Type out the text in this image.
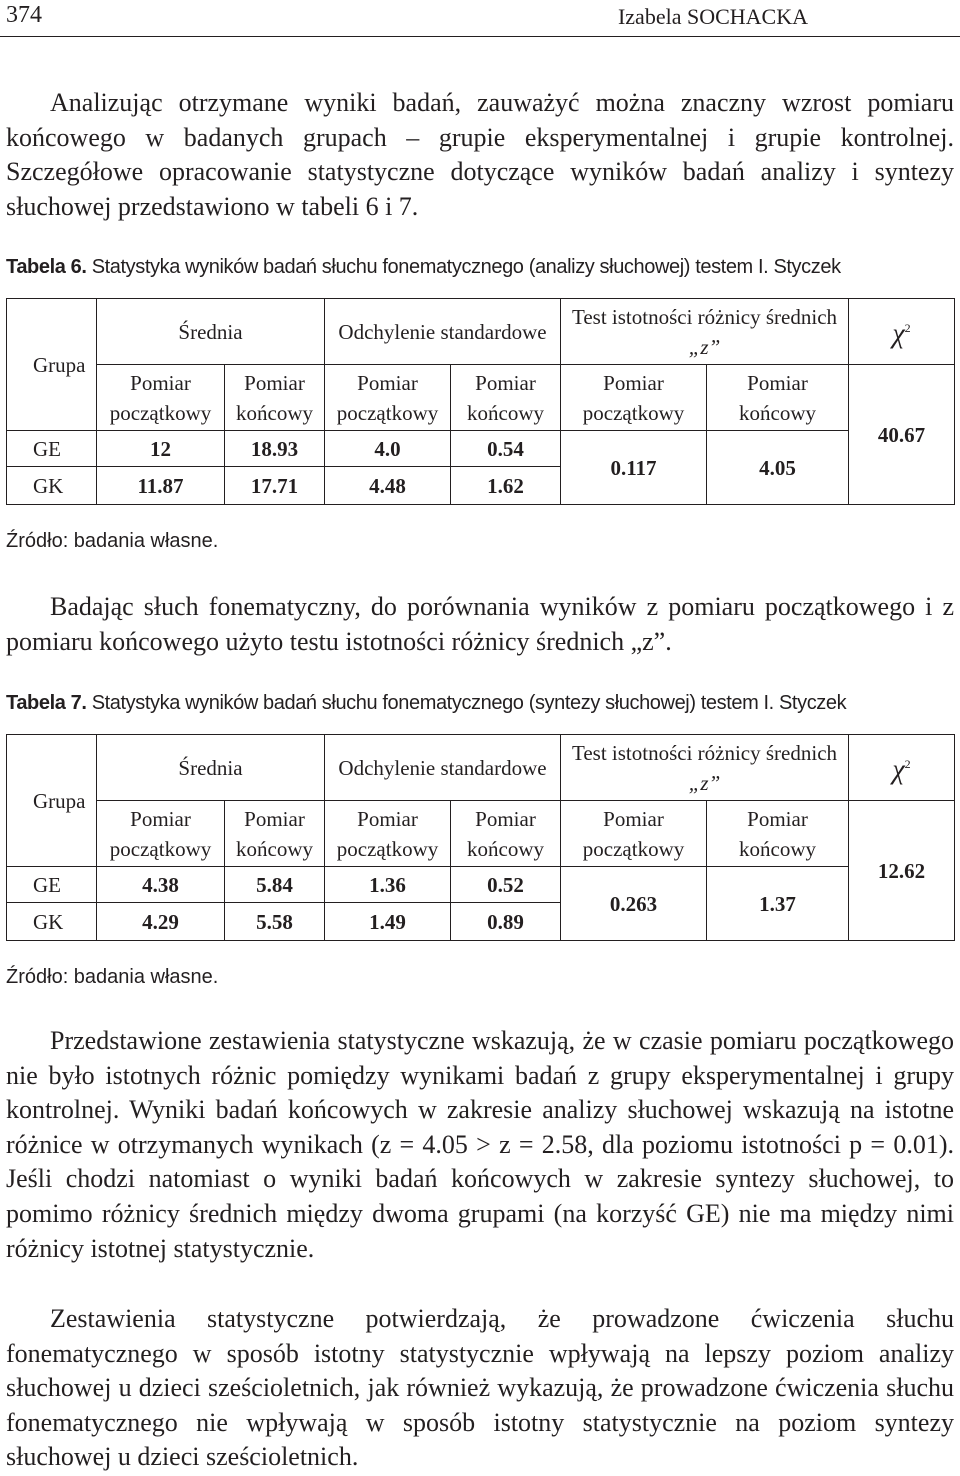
374	Izabela SOCHACKA

Analizując otrzymane wyniki badań, zauważyć można znaczny wzrost pomiaru końcowego w badanych grupach – grupie eksperymentalnej i grupie kontrolnej. Szczegółowe opracowanie statystyczne dotyczące wyników badań analizy i syntezy słuchowej przedstawiono w tabeli 6 i 7.

Tabela 6. Statystyka wyników badań słuchu fonematycznego (analizy słuchowej) testem I. Styczek

Grupa	Średnia		Odchylenie standardowe		Test istotności różnicy średnich „z”		$\chi^2$
	Pomiar początkowy	Pomiar końcowy	Pomiar początkowy	Pomiar końcowy	Pomiar początkowy	Pomiar końcowy	40.67
GE	12	18.93	4.0	0.54	0.117	4.05	
GK	11.87	17.71	4.48	1.62			

Źródło: badania własne.

Badając słuch fonematyczny, do porównania wyników z pomiaru początkowego i z pomiaru końcowego użyto testu istotności różnicy średnich „z”.

Tabela 7. Statystyka wyników badań słuchu fonematycznego (syntezy słuchowej) testem I. Styczek

Grupa	Średnia		Odchylenie standardowe		Test istotności różnicy średnich „z”		$\chi^2$
	Pomiar początkowy	Pomiar końcowy	Pomiar początkowy	Pomiar końcowy	Pomiar początkowy	Pomiar końcowy	12.62
GE	4.38	5.84	1.36	0.52	0.263	1.37	
GK	4.29	5.58	1.49	0.89			

Źródło: badania własne.

Przedstawione zestawienia statystyczne wskazują, że w czasie pomiaru początkowego nie było istotnych różnic pomiędzy wynikami badań z grupy eksperymentalnej i grupy kontrolnej. Wyniki badań końcowych w zakresie analizy słuchowej wskazują na istotne różnice w otrzymanych wynikach (z = 4.05 > z = 2.58, dla poziomu istotności p = 0.01). Jeśli chodzi natomiast o wyniki badań końcowych w zakresie syntezy słuchowej, to pomimo różnicy średnich między dwoma grupami (na korzyść GE) nie ma między nimi różnicy istotnej statystycznie.

Zestawienia statystyczne potwierdzają, że prowadzone ćwiczenia słuchu fonematycznego w sposób istotny statystycznie wpływają na lepszy poziom analizy słuchowej u dzieci sześcioletnich, jak również wykazują, że prowadzone ćwiczenia słuchu fonematycznego nie wpływają w sposób istotny statystycznie na poziom syntezy słuchowej u dzieci sześcioletnich.
